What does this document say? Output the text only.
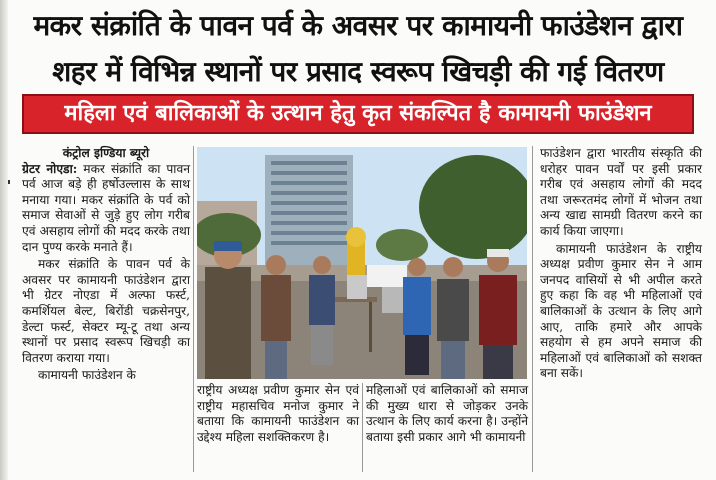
मकर संक्रांति के पावन पर्व के अवसर पर कामायनी फाउंडेशन द्वारा
शहर में विभिन्न स्थानों पर प्रसाद स्वरूप खिचड़ी की गई वितरण
महिला एवं बालिकाओं के उत्थान हेतु कृत संकल्पित है कामायनी फाउंडेशन
कंट्रोल इण्डिया ब्यूरो
ग्रेटर नोएडा: मकर संक्रांति का पावन पर्व आज बड़े ही हर्षोउल्लास के साथ मनाया गया। मकर संक्रांति के पर्व को समाज सेवाओं से जुड़े हुए लोग गरीब एवं असहाय लोगों की मदद करके तथा दान पुण्य करके मनाते हैं।
मकर संक्रांति के पावन पर्व के अवसर पर कामायनी फाउंडेशन द्वारा भी ग्रेटर नोएडा में अल्फा फर्स्ट, कमर्शियल बेल्ट, बिरोंडी चक्रसेनपुर, डेल्टा फर्स्ट, सेक्टर म्यू-टू तथा अन्य स्थानों पर प्रसाद स्वरूप खिचड़ी का वितरण कराया गया।
कामायनी फाउंडेशन के
राष्ट्रीय अध्यक्ष प्रवीण कुमार सेन एवं राष्ट्रीय महासचिव मनोज कुमार ने बताया कि कामायनी फाउंडेशन का उद्देश्य महिला सशक्तिकरण है।
महिलाओं एवं बालिकाओं को समाज की मुख्य धारा से जोड़कर उनके उत्थान के लिए कार्य करना है। उन्होंने बताया इसी प्रकार आगे भी कामायनी
फाउंडेशन द्वारा भारतीय संस्कृति की धरोहर पावन पर्वों पर इसी प्रकार गरीब एवं असहाय लोगों की मदद तथा जरूरतमंद लोगों में भोजन तथा अन्य खाद्य सामग्री वितरण करने का कार्य किया जाएगा।
कामायनी फाउंडेशन के राष्ट्रीय अध्यक्ष प्रवीण कुमार सेन ने आम जनपद वासियों से भी अपील करते हुए कहा कि वह भी महिलाओं एवं बालिकाओं के उत्थान के लिए आगे आए, ताकि हमारे और आपके सहयोग से हम अपने समाज की महिलाओं एवं बालिकाओं को सशक्त बना सकें।
